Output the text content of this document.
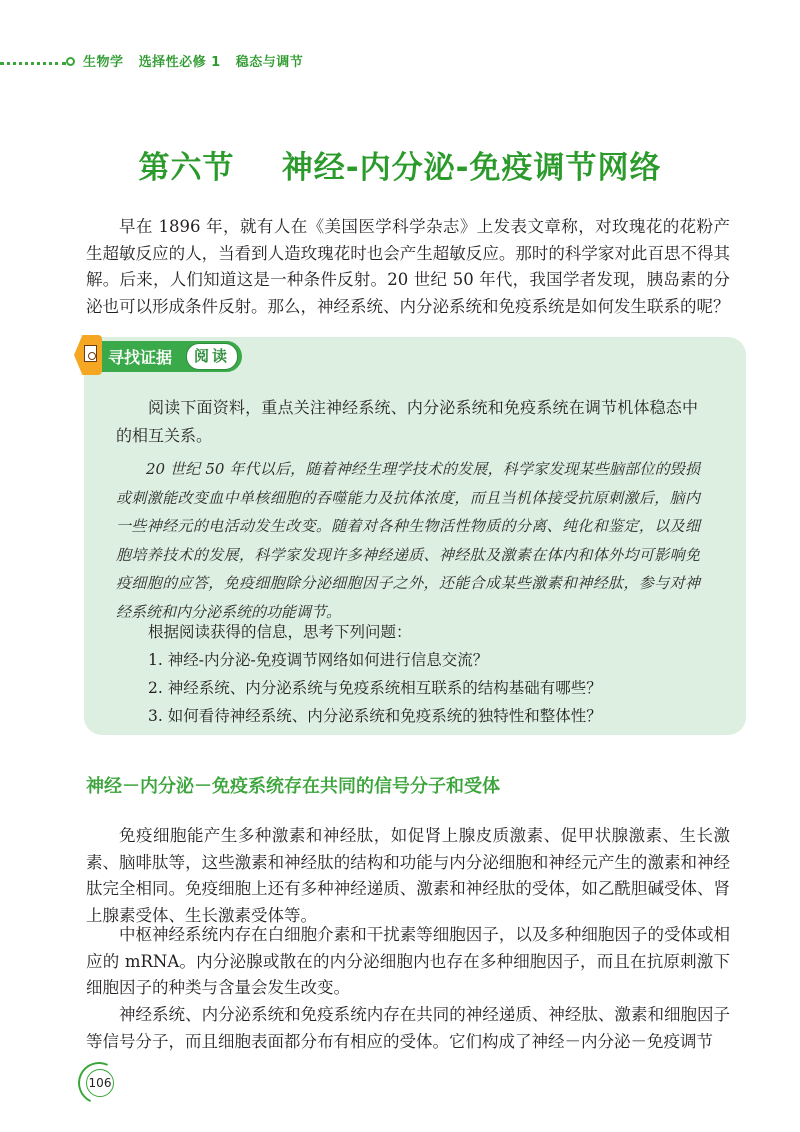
生物学   选择性必修 1   稳态与调节
第六节    神经-内分泌-免疫调节网络

早在 1896 年，就有人在《美国医学科学杂志》上发表文章称，对玫瑰花的花粉产生超敏反应的人，当看到人造玫瑰花时也会产生超敏反应。那时的科学家对此百思不得其解。后来，人们知道这是一种条件反射。20 世纪 50 年代，我国学者发现，胰岛素的分泌也可以形成条件反射。那么，神经系统、内分泌系统和免疫系统是如何发生联系的呢？

寻找证据	阅读

阅读下面资料，重点关注神经系统、内分泌系统和免疫系统在调节机体稳态中的相互关系。

20 世纪 50 年代以后，随着神经生理学技术的发展，科学家发现某些脑部位的毁损或刺激能改变血中单核细胞的吞噬能力及抗体浓度，而且当机体接受抗原刺激后，脑内一些神经元的电活动发生改变。随着对各种生物活性物质的分离、纯化和鉴定，以及细胞培养技术的发展，科学家发现许多神经递质、神经肽及激素在体内和体外均可影响免疫细胞的应答，免疫细胞除分泌细胞因子之外，还能合成某些激素和神经肽，参与对神经系统和内分泌系统的功能调节。

根据阅读获得的信息，思考下列问题：
1. 神经-内分泌-免疫调节网络如何进行信息交流？
2. 神经系统、内分泌系统与免疫系统相互联系的结构基础有哪些？
3. 如何看待神经系统、内分泌系统和免疫系统的独特性和整体性？
神经－内分泌－免疫系统存在共同的信号分子和受体

免疫细胞能产生多种激素和神经肽，如促肾上腺皮质激素、促甲状腺激素、生长激素、脑啡肽等，这些激素和神经肽的结构和功能与内分泌细胞和神经元产生的激素和神经肽完全相同。免疫细胞上还有多种神经递质、激素和神经肽的受体，如乙酰胆碱受体、肾上腺素受体、生长激素受体等。

中枢神经系统内存在白细胞介素和干扰素等细胞因子，以及多种细胞因子的受体或相应的 mRNA。内分泌腺或散在的内分泌细胞内也存在多种细胞因子，而且在抗原刺激下细胞因子的种类与含量会发生改变。

神经系统、内分泌系统和免疫系统内存在共同的神经递质、神经肽、激素和细胞因子等信号分子，而且细胞表面都分布有相应的受体。它们构成了神经－内分泌－免疫调节

106
